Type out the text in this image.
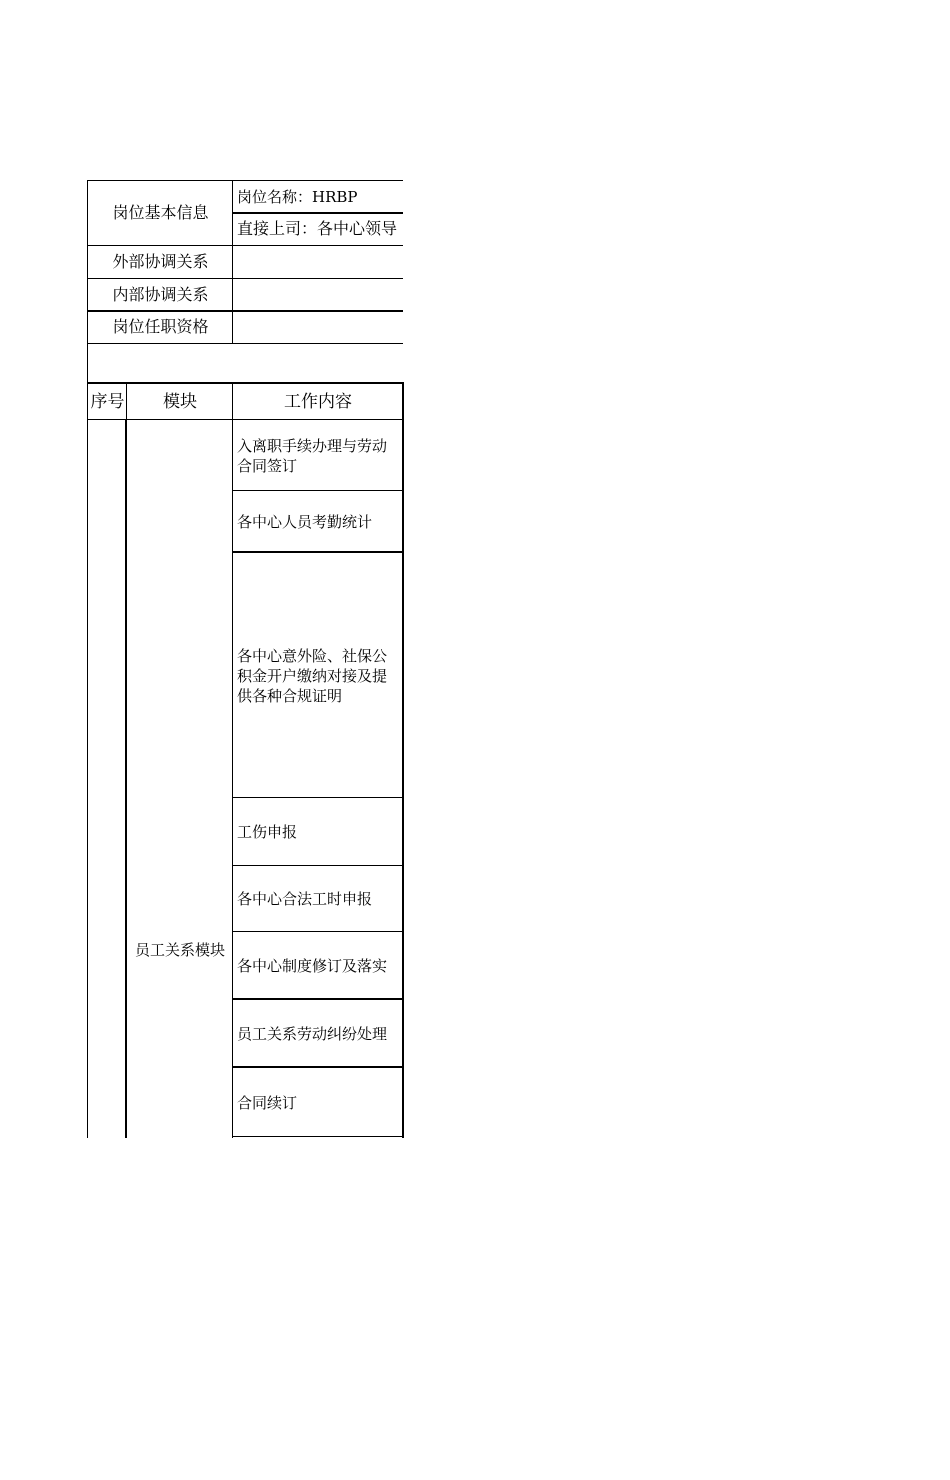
岗位基本信息
岗位名称：HRBP
直接上司：各中心领导
外部协调关系
内部协调关系
岗位任职资格
序号	模块	工作内容
员工关系模块
入离职手续办理与劳动合同签订
各中心人员考勤统计
各中心意外险、社保公积金开户缴纳对接及提供各种合规证明
工伤申报
各中心合法工时申报
各中心制度修订及落实
员工关系劳动纠纷处理
合同续订
